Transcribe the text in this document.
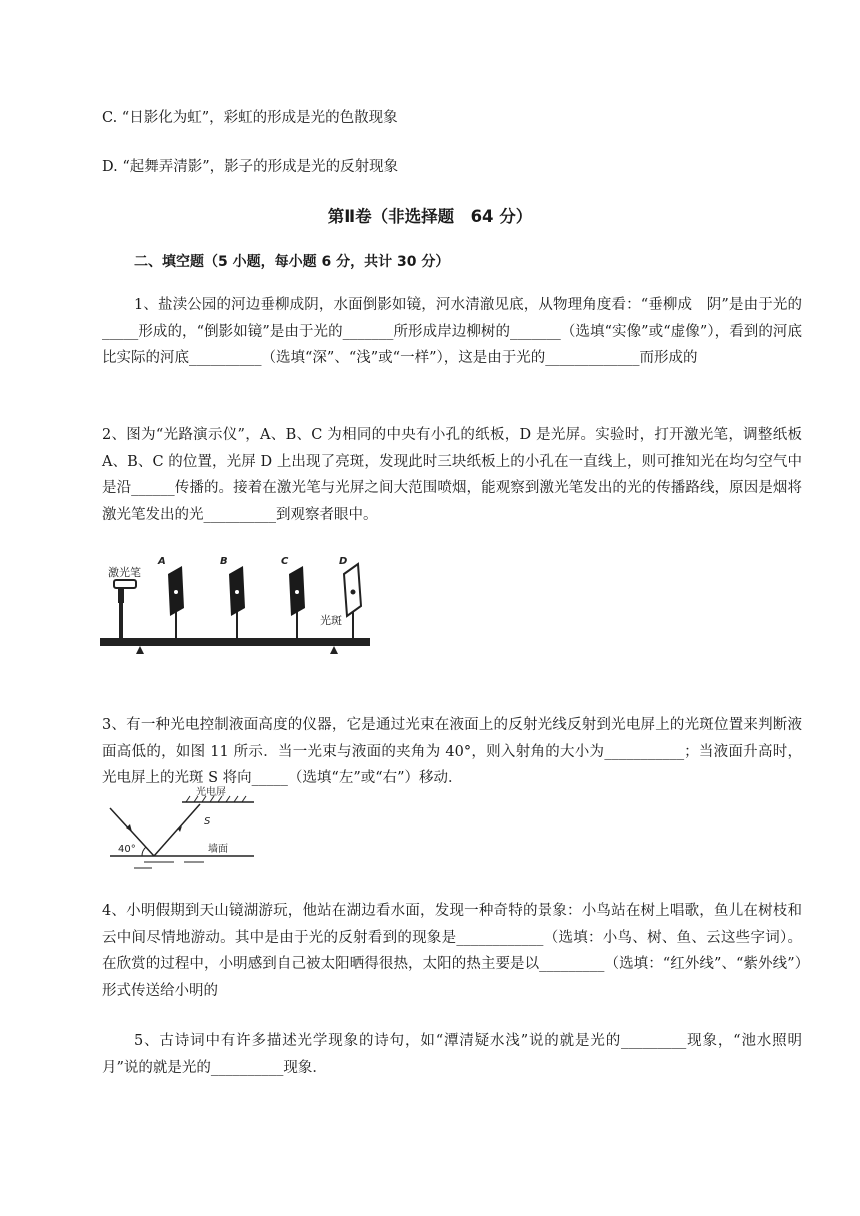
C. “日影化为虹”，彩虹的形成是光的色散现象
D. “起舞弄清影”，影子的形成是光的反射现象
第Ⅱ卷（非选择题　64 分）
二、填空题（5 小题，每小题 6 分，共计 30 分）
1、盐渎公园的河边垂柳成阴，水面倒影如镜，河水清澈见底，从物理角度看：“垂柳成　阴”是由于光的_____形成的，“倒影如镜”是由于光的_______所形成岸边柳树的_______（选填“实像”或“虚像”），看到的河底比实际的河底__________（选填“深”、“浅”或“一样”），这是由于光的_____________而形成的
2、图为“光路演示仪”，A、B、C 为相同的中央有小孔的纸板，D 是光屏。实验时，打开激光笔，调整纸板 A、B、C 的位置，光屏 D 上出现了亮斑，发现此时三块纸板上的小孔在一直线上，则可推知光在均匀空气中是沿______传播的。接着在激光笔与光屏之间大范围喷烟，能观察到激光笔发出的光的传播路线，原因是烟将激光笔发出的光__________到观察者眼中。
激光笔
A	B	C	D
光斑
3、有一种光电控制液面高度的仪器，它是通过光束在液面上的反射光线反射到光电屏上的光斑位置来判断液面高低的，如图 11 所示．当一光束与液面的夹角为 40°，则入射角的大小为___________；当液面升高时，光电屏上的光斑 S 将向_____（选填“左”或“右”）移动．
光电屏
S
墙面
40°
4、小明假期到天山镜湖游玩，他站在湖边看水面，发现一种奇特的景象：小鸟站在树上唱歌，鱼儿在树枝和云中间尽情地游动。其中是由于光的反射看到的现象是____________（选填：小鸟、树、鱼、云这些字词）。在欣赏的过程中，小明感到自己被太阳晒得很热，太阳的热主要是以_________（选填：“红外线”、“紫外线”）形式传送给小明的
5、古诗词中有许多描述光学现象的诗句，如“潭清疑水浅”说的就是光的_________现象，“池水照明月”说的就是光的__________现象．
